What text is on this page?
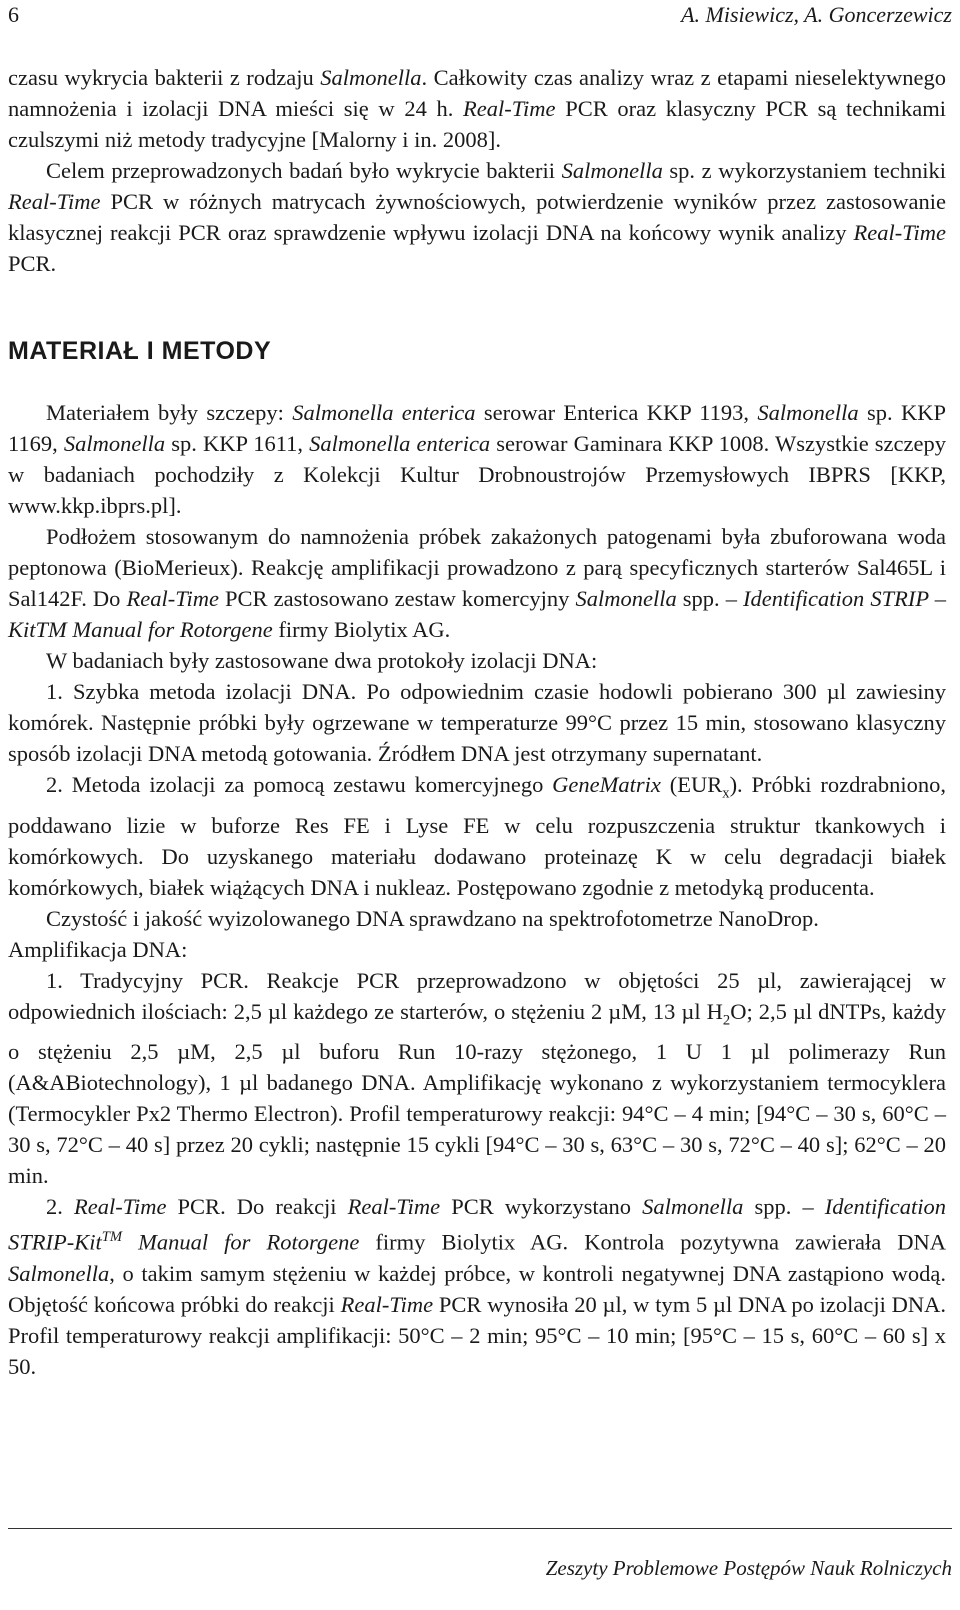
6	A. Misiewicz, A. Goncerzewicz

czasu wykrycia bakterii z rodzaju Salmonella. Całkowity czas analizy wraz z etapami nieselektywnego namnożenia i izolacji DNA mieści się w 24 h. Real-Time PCR oraz klasyczny PCR są technikami czulszymi niż metody tradycyjne [Malorny i in. 2008].

Celem przeprowadzonych badań było wykrycie bakterii Salmonella sp. z wykorzystaniem techniki Real-Time PCR w różnych matrycach żywnościowych, potwierdzenie wyników przez zastosowanie klasycznej reakcji PCR oraz sprawdzenie wpływu izolacji DNA na końcowy wynik analizy Real-Time PCR.

MATERIAŁ I METODY

Materiałem były szczepy: Salmonella enterica serowar Enterica KKP 1193, Salmonella sp. KKP 1169, Salmonella sp. KKP 1611, Salmonella enterica serowar Gaminara KKP 1008. Wszystkie szczepy w badaniach pochodziły z Kolekcji Kultur Drobnoustrojów Przemysłowych IBPRS [KKP, www.kkp.ibprs.pl].

Podłożem stosowanym do namnożenia próbek zakażonych patogenami była zbuforowana woda peptonowa (BioMerieux). Reakcję amplifikacji prowadzono z parą specyficznych starterów Sal465L i Sal142F. Do Real-Time PCR zastosowano zestaw komercyjny Salmonella spp. – Identification STRIP – KitTM Manual for Rotorgene firmy Biolytix AG.

W badaniach były zastosowane dwa protokoły izolacji DNA:

1. Szybka metoda izolacji DNA. Po odpowiednim czasie hodowli pobierano 300 µl zawiesiny komórek. Następnie próbki były ogrzewane w temperaturze 99°C przez 15 min, stosowano klasyczny sposób izolacji DNA metodą gotowania. Źródłem DNA jest otrzymany supernatant.

2. Metoda izolacji za pomocą zestawu komercyjnego GeneMatrix $(EUR_x)$. Próbki rozdrabniono, poddawano lizie w buforze Res FE i Lyse FE w celu rozpuszczenia struktur tkankowych i komórkowych. Do uzyskanego materiału dodawano proteinazę K w celu degradacji białek komórkowych, białek wiążących DNA i nukleaz. Postępowano zgodnie z metodyką producenta.

Czystość i jakość wyizolowanego DNA sprawdzano na spektrofotometrze NanoDrop.

Amplifikacja DNA:

1. Tradycyjny PCR. Reakcje PCR przeprowadzono w objętości 25 µl, zawierającej w odpowiednich ilościach: 2,5 µl każdego ze starterów, o stężeniu 2 µM, 13 µl $H_2O$; 2,5 µl dNTPs, każdy o stężeniu 2,5 µM, 2,5 µl buforu Run 10-razy stężonego, 1 U 1 µl polimerazy Run (A&ABiotechnology), 1 µl badanego DNA. Amplifikację wykonano z wykorzystaniem termocyklera (Termocykler Px2 Thermo Electron). Profil temperaturowy reakcji: 94°C – 4 min; [94°C – 30 s, 60°C – 30 s, 72°C – 40 s] przez 20 cykli; następnie 15 cykli [94°C – 30 s, 63°C – 30 s, 72°C – 40 s]; 62°C – 20 min.

2. Real-Time PCR. Do reakcji Real-Time PCR wykorzystano Salmonella spp. – Identification STRIP-Kit™ Manual for Rotorgene firmy Biolytix AG. Kontrola pozytywna zawierała DNA Salmonella, o takim samym stężeniu w każdej próbce, w kontroli negatywnej DNA zastąpiono wodą. Objętość końcowa próbki do reakcji Real-Time PCR wynosiła 20 µl, w tym 5 µl DNA po izolacji DNA. Profil temperaturowy reakcji amplifikacji: 50°C – 2 min; 95°C – 10 min; [95°C – 15 s, 60°C – 60 s] x 50.

Zeszyty Problemowe Postępów Nauk Rolniczych
